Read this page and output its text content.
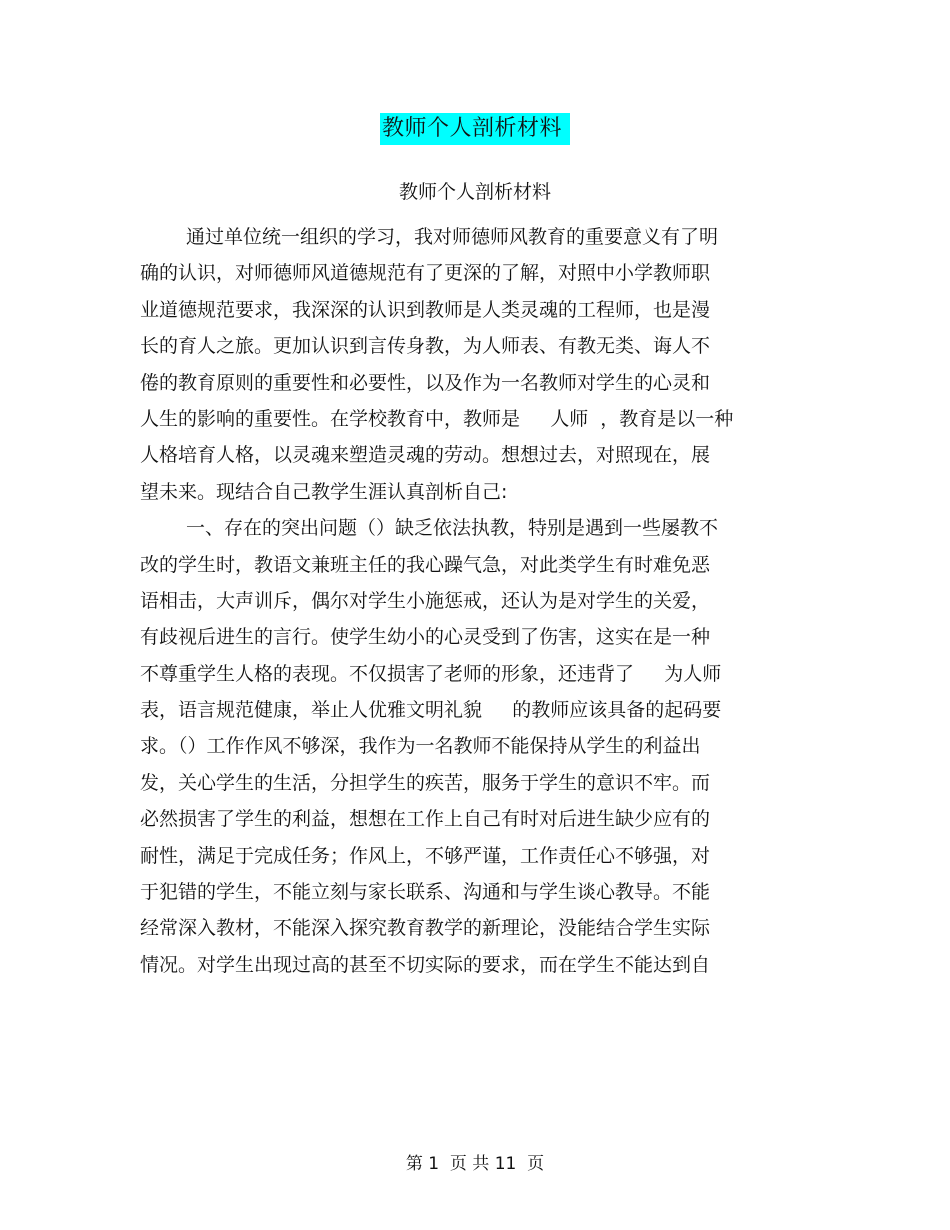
教师个人剖析材料
教师个人剖析材料
通过单位统一组织的学习，我对师德师风教育的重要意义有了明
确的认识，对师德师风道德规范有了更深的了解，对照中小学教师职
业道德规范要求，我深深的认识到教师是人类灵魂的工程师，也是漫
长的育人之旅。更加认识到言传身教，为人师表、有教无类、诲人不
倦的教育原则的重要性和必要性，以及作为一名教师对学生的心灵和
人生的影响的重要性。在学校教育中，教师是     人师  ，教育是以一种
人格培育人格，以灵魂来塑造灵魂的劳动。想想过去，对照现在，展
望未来。现结合自己教学生涯认真剖析自己:
一、存在的突出问题（）缺乏依法执教，特别是遇到一些屡教不
改的学生时，教语文兼班主任的我心躁气急，对此类学生有时难免恶
语相击，大声训斥，偶尔对学生小施惩戒，还认为是对学生的关爱，
有歧视后进生的言行。使学生幼小的心灵受到了伤害，这实在是一种
不尊重学生人格的表现。不仅损害了老师的形象，还违背了     为人师
表，语言规范健康，举止人优雅文明礼貌     的教师应该具备的起码要
求。（）工作作风不够深，我作为一名教师不能保持从学生的利益出
发，关心学生的生活，分担学生的疾苦，服务于学生的意识不牢。而
必然损害了学生的利益，想想在工作上自己有时对后进生缺少应有的
耐性，满足于完成任务；作风上，不够严谨，工作责任心不够强，对
于犯错的学生，不能立刻与家长联系、沟通和与学生谈心教导。不能
经常深入教材，不能深入探究教育教学的新理论，没能结合学生实际
情况。对学生出现过高的甚至不切实际的要求，而在学生不能达到自
第 1  页 共 11  页
